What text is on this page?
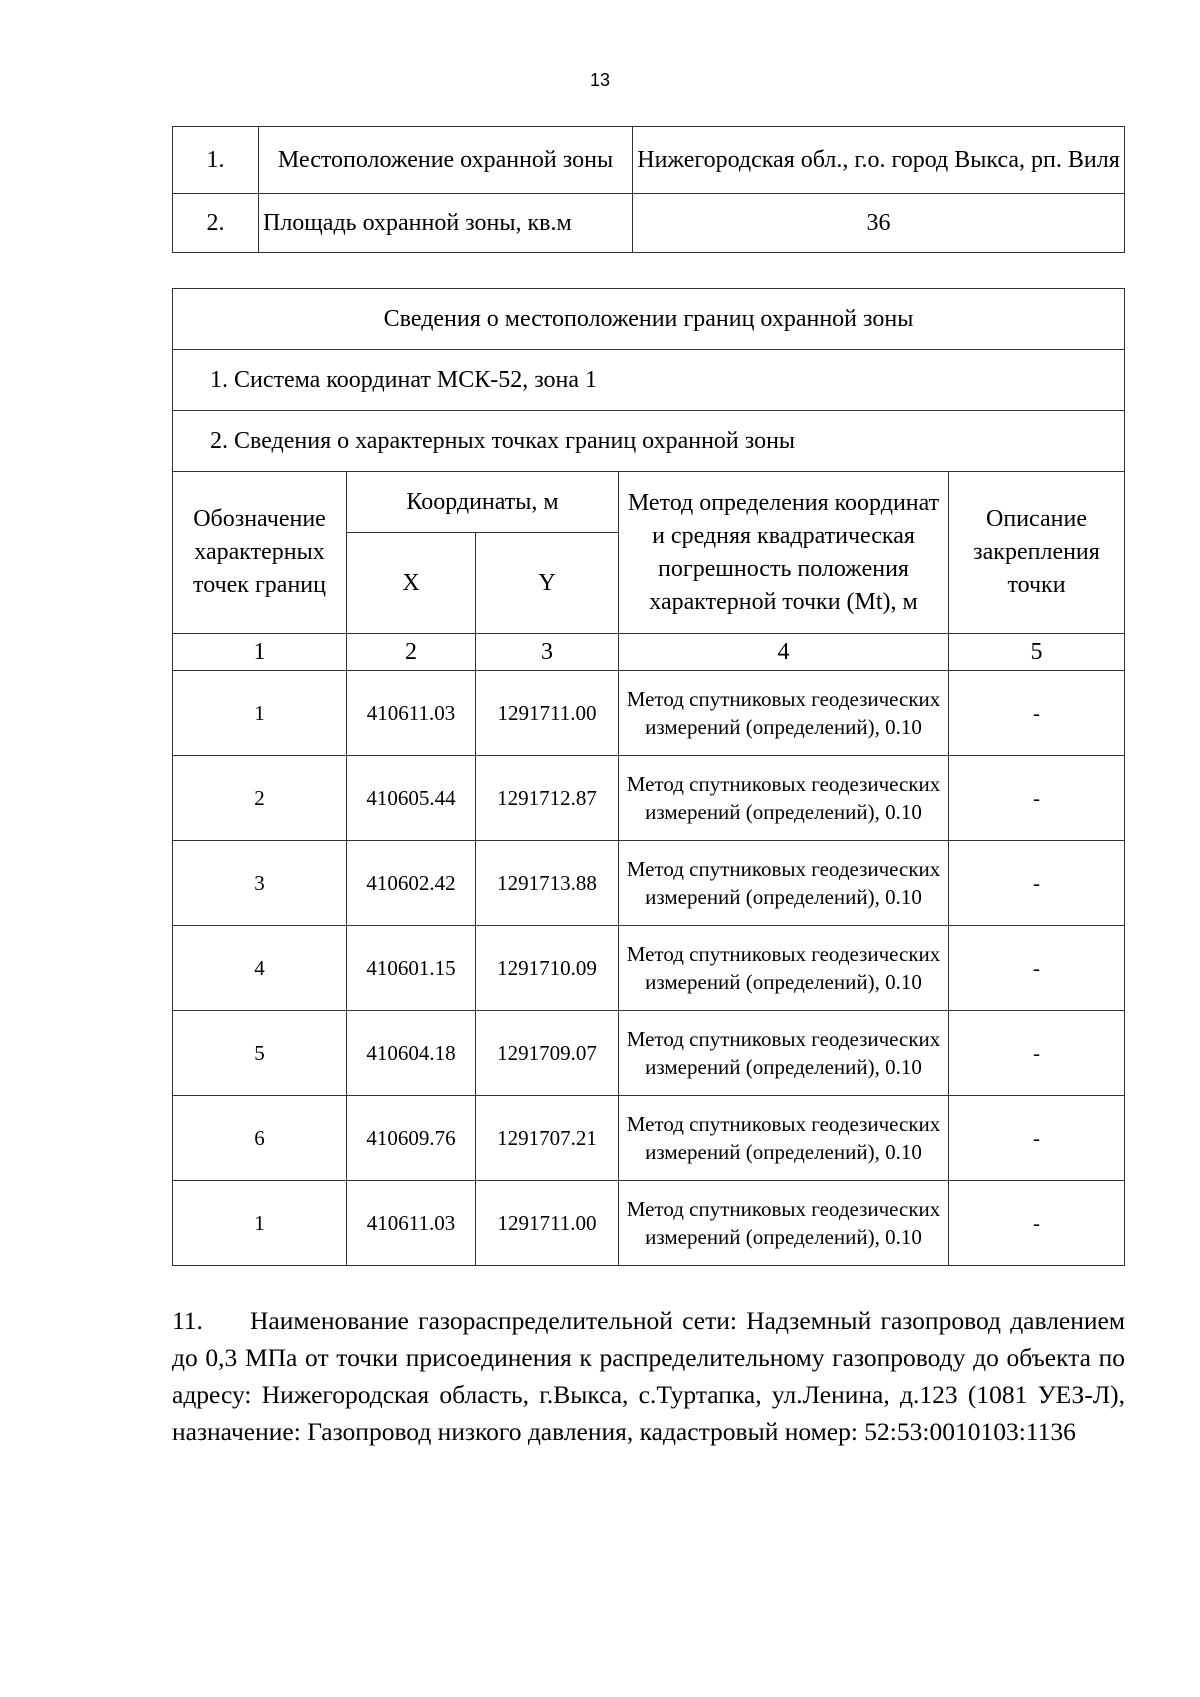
13
1.	Местоположение охранной зоны	Нижегородская обл., г.о. город Выкса, рп. Виля
2.	Площадь охранной зоны, кв.м	36
Сведения о местоположении границ охранной зоны				
1. Система координат МСК-52, зона 1				
2. Сведения о характерных точках границ охранной зоны				
Обозначение характерных точек границ	Координаты, м		Метод определения координат и средняя квадратическая погрешность положения характерной точки (Mt), м	Описание закрепления точки
	X	Y		
1	2	3	4	5
1	410611.03	1291711.00	Метод спутниковых геодезических измерений (определений), 0.10	-
2	410605.44	1291712.87	Метод спутниковых геодезических измерений (определений), 0.10	-
3	410602.42	1291713.88	Метод спутниковых геодезических измерений (определений), 0.10	-
4	410601.15	1291710.09	Метод спутниковых геодезических измерений (определений), 0.10	-
5	410604.18	1291709.07	Метод спутниковых геодезических измерений (определений), 0.10	-
6	410609.76	1291707.21	Метод спутниковых геодезических измерений (определений), 0.10	-
1	410611.03	1291711.00	Метод спутниковых геодезических измерений (определений), 0.10	-
11. Наименование газораспределительной сети: Надземный газопровод давлением до 0,3 МПа от точки присоединения к распределительному газопроводу до объекта по адресу: Нижегородская область, г.Выкса, с.Туртапка, ул.Ленина, д.123 (1081 УЕЗ-Л), назначение: Газопровод низкого давления, кадастровый номер: 52:53:0010103:1136
